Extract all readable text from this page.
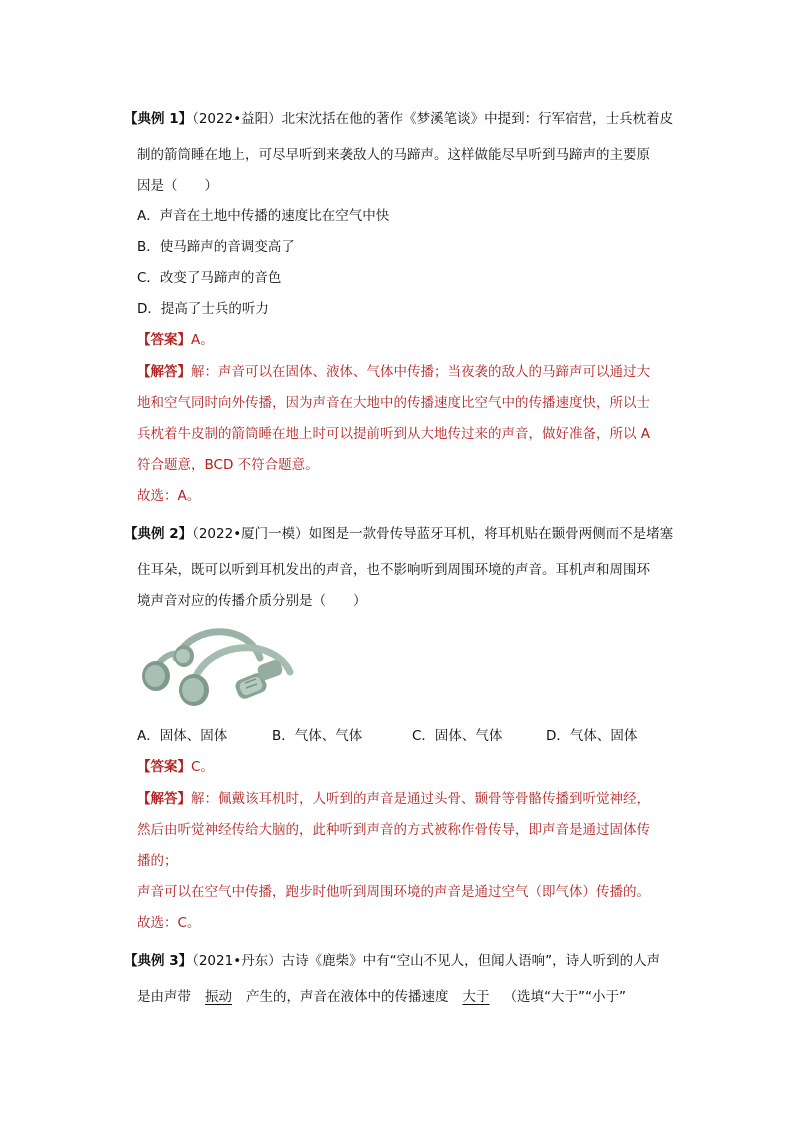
【典例 1】（2022•益阳）北宋沈括在他的著作《梦溪笔谈》中提到：行军宿营，士兵枕着皮
制的箭筒睡在地上，可尽早听到来袭敌人的马蹄声。这样做能尽早听到马蹄声的主要原
因是（　　）
A．声音在土地中传播的速度比在空气中快
B．使马蹄声的音调变高了
C．改变了马蹄声的音色
D．提高了士兵的听力
【答案】A。
【解答】解：声音可以在固体、液体、气体中传播；当夜袭的敌人的马蹄声可以通过大
地和空气同时向外传播，因为声音在大地中的传播速度比空气中的传播速度快，所以士
兵枕着牛皮制的箭筒睡在地上时可以提前听到从大地传过来的声音，做好准备，所以 A
符合题意，BCD 不符合题意。
故选：A。
【典例 2】（2022•厦门一模）如图是一款骨传导蓝牙耳机，将耳机贴在颞骨两侧而不是堵塞
住耳朵，既可以听到耳机发出的声音，也不影响听到周围环境的声音。耳机声和周围环
境声音对应的传播介质分别是（　　）
A．固体、固体	B．气体、气体	C．固体、气体	D．气体、固体
【答案】C。
【解答】解：佩戴该耳机时，人听到的声音是通过头骨、颞骨等骨骼传播到听觉神经，
然后由听觉神经传给大脑的，此种听到声音的方式被称作骨传导，即声音是通过固体传
播的；
声音可以在空气中传播，跑步时他听到周围环境的声音是通过空气（即气体）传播的。
故选：C。
【典例 3】（2021•丹东）古诗《鹿柴》中有“空山不见人，但闻人语响”，诗人听到的人声
是由声带 振动 产生的，声音在液体中的传播速度 大于 （选填“大于”“小于”
